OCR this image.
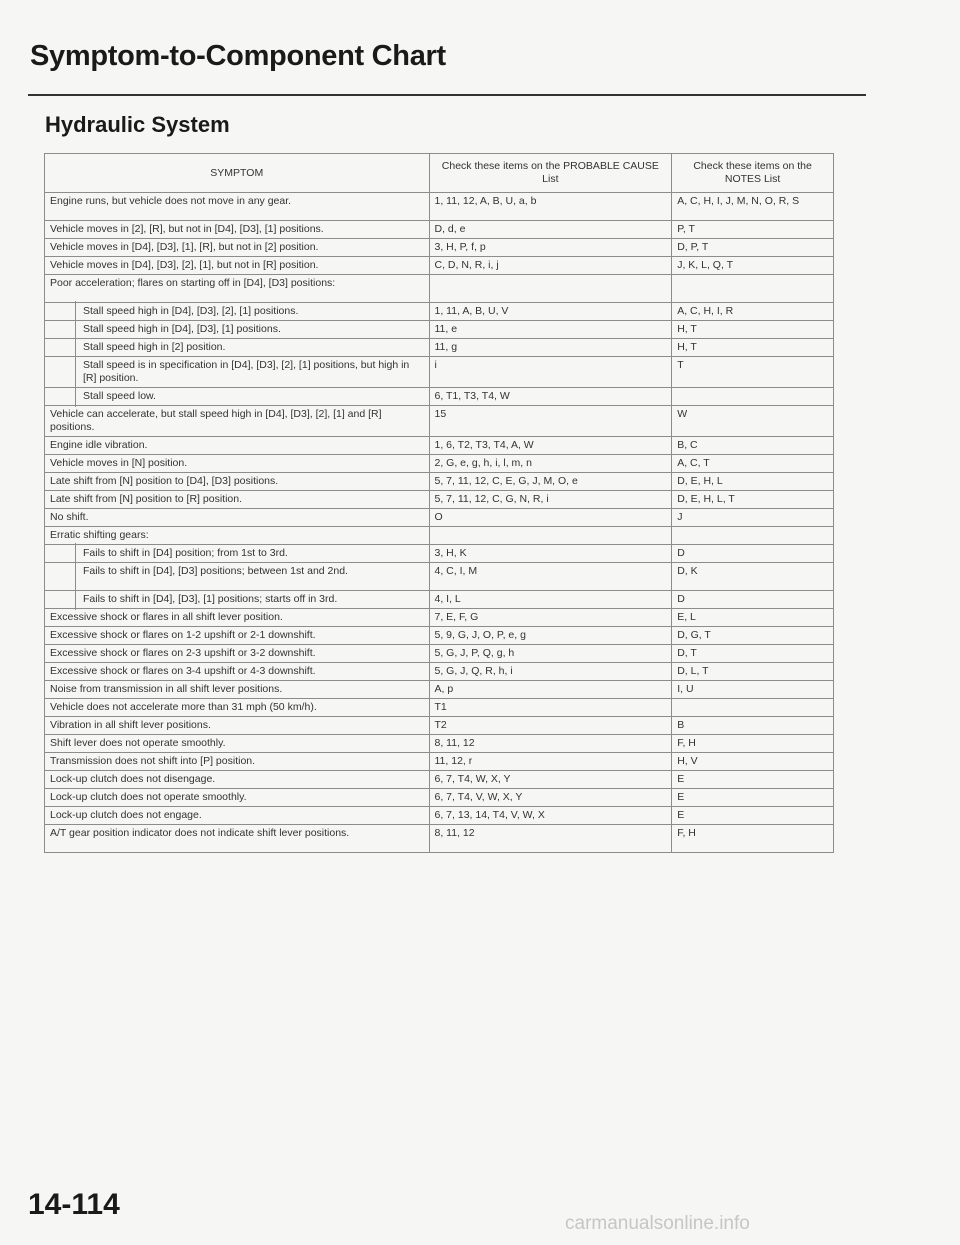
Symptom-to-Component Chart
Hydraulic System
SYMPTOM	Check these items on the PROBABLE CAUSE List	Check these items on the NOTES List
Engine runs, but vehicle does not move in any gear.	1, 11, 12, A, B, U, a, b	A, C, H, I, J, M, N, O, R, S
Vehicle moves in [2], [R], but not in [D4], [D3], [1] positions.	D, d, e	P, T
Vehicle moves in [D4], [D3], [1], [R], but not in [2] position.	3, H, P, f, p	D, P, T
Vehicle moves in [D4], [D3], [2], [1], but not in [R] position.	C, D, N, R, i, j	J, K, L, Q, T
Poor acceleration; flares on starting off in [D4], [D3] positions:		
Stall speed high in [D4], [D3], [2], [1] positions.	1, 11, A, B, U, V	A, C, H, I, R
Stall speed high in [D4], [D3], [1] positions.	11, e	H, T
Stall speed high in [2] position.	11, g	H, T
Stall speed is in specification in [D4], [D3], [2], [1] positions, but high in [R] position.	i	T
Stall speed low.	6, T1, T3, T4, W	
Vehicle can accelerate, but stall speed high in [D4], [D3], [2], [1] and [R] positions.	15	W
Engine idle vibration.	1, 6, T2, T3, T4, A, W	B, C
Vehicle moves in [N] position.	2, G, e, g, h, i, l, m, n	A, C, T
Late shift from [N] position to [D4], [D3] positions.	5, 7, 11, 12, C, E, G, J, M, O, e	D, E, H, L
Late shift from [N] position to [R] position.	5, 7, 11, 12, C, G, N, R, i	D, E, H, L, T
No shift.	O	J
Erratic shifting gears:		
Fails to shift in [D4] position; from 1st to 3rd.	3, H, K	D
Fails to shift in [D4], [D3] positions; between 1st and 2nd.	4, C, I, M	D, K
Fails to shift in [D4], [D3], [1] positions; starts off in 3rd.	4, I, L	D
Excessive shock or flares in all shift lever position.	7, E, F, G	E, L
Excessive shock or flares on 1-2 upshift or 2-1 downshift.	5, 9, G, J, O, P, e, g	D, G, T
Excessive shock or flares on 2-3 upshift or 3-2 downshift.	5, G, J, P, Q, g, h	D, T
Excessive shock or flares on 3-4 upshift or 4-3 downshift.	5, G, J, Q, R, h, i	D, L, T
Noise from transmission in all shift lever positions.	A, p	I, U
Vehicle does not accelerate more than 31 mph (50 km/h).	T1	
Vibration in all shift lever positions.	T2	B
Shift lever does not operate smoothly.	8, 11, 12	F, H
Transmission does not shift into [P] position.	11, 12, r	H, V
Lock-up clutch does not disengage.	6, 7, T4, W, X, Y	E
Lock-up clutch does not operate smoothly.	6, 7, T4, V, W, X, Y	E
Lock-up clutch does not engage.	6, 7, 13, 14, T4, V, W, X	E
A/T gear position indicator does not indicate shift lever positions.	8, 11, 12	F, H
14-114
carmanualsonline.info
